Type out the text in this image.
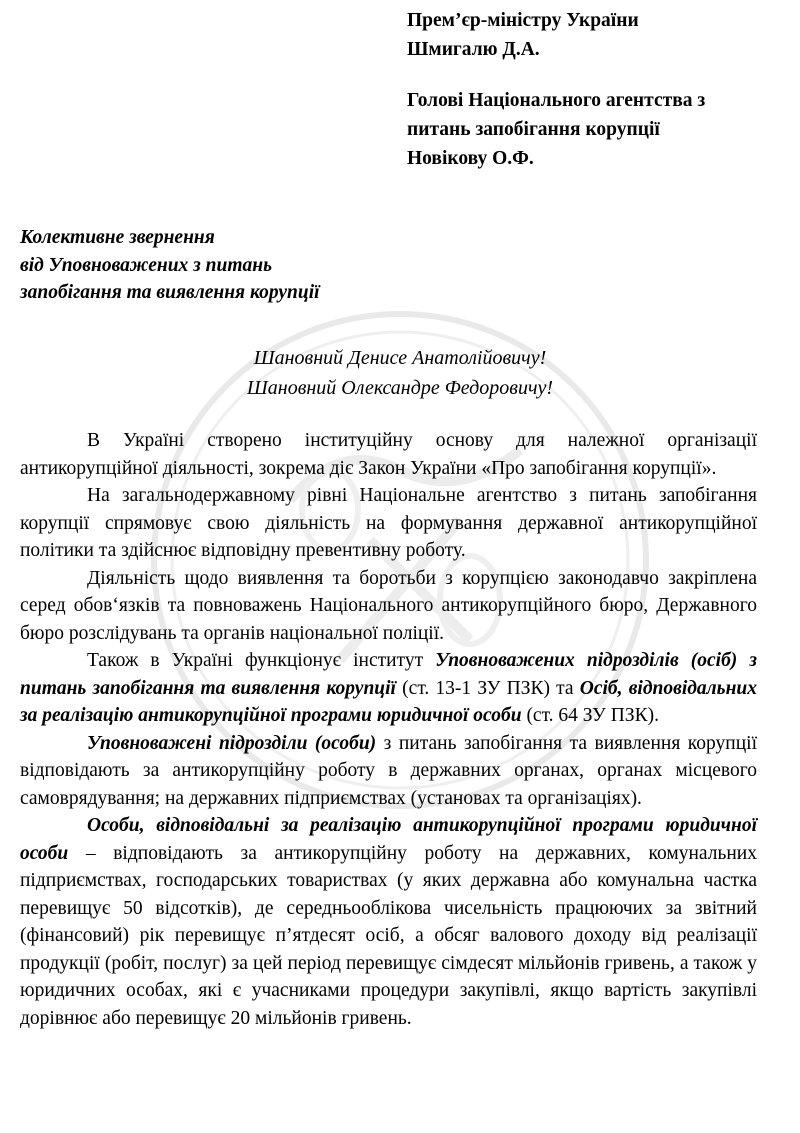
Прем’єр-міністру України
Шмигалю Д.А.
Голові Національного агентства з
питань запобігання корупції
Новікову О.Ф.
Колективне звернення
від Уповноважених з питань
запобігання та виявлення корупції
Шановний Денисе Анатолійовичу!
Шановний Олександре Федоровичу!

В Україні створено інституційну основу для належної організації антикорупційної діяльності, зокрема діє Закон України «Про запобігання корупції».

На загальнодержавному рівні Національне агентство з питань запобігання корупції спрямовує свою діяльність на формування державної антикорупційної політики та здійснює відповідну превентивну роботу.

Діяльність щодо виявлення та боротьби з корупцією законодавчо закріплена серед обов‘язків та повноважень Національного антикорупційного бюро, Державного бюро розслідувань та органів національної поліції.

Також в Україні функціонує інститут Уповноважених підрозділів (осіб) з питань запобігання та виявлення корупції (ст. 13-1 ЗУ ПЗК) та Осіб, відповідальних за реалізацію антикорупційної програми юридичної особи (ст. 64 ЗУ ПЗК).

Уповноважені підрозділи (особи) з питань запобігання та виявлення корупції відповідають за антикорупційну роботу в державних органах, органах місцевого самоврядування; на державних підприємствах (установах та організаціях).

Особи, відповідальні за реалізацію антикорупційної програми юридичної особи – відповідають за антикорупційну роботу на державних, комунальних підприємствах, господарських товариствах (у яких державна або комунальна частка перевищує 50 відсотків), де середньооблікова чисельність працюючих за звітний (фінансовий) рік перевищує п’ятдесят осіб, а обсяг валового доходу від реалізації продукції (робіт, послуг) за цей період перевищує сімдесят мільйонів гривень, а також у юридичних особах, які є учасниками процедури закупівлі, якщо вартість закупівлі дорівнює або перевищує 20 мільйонів гривень.
